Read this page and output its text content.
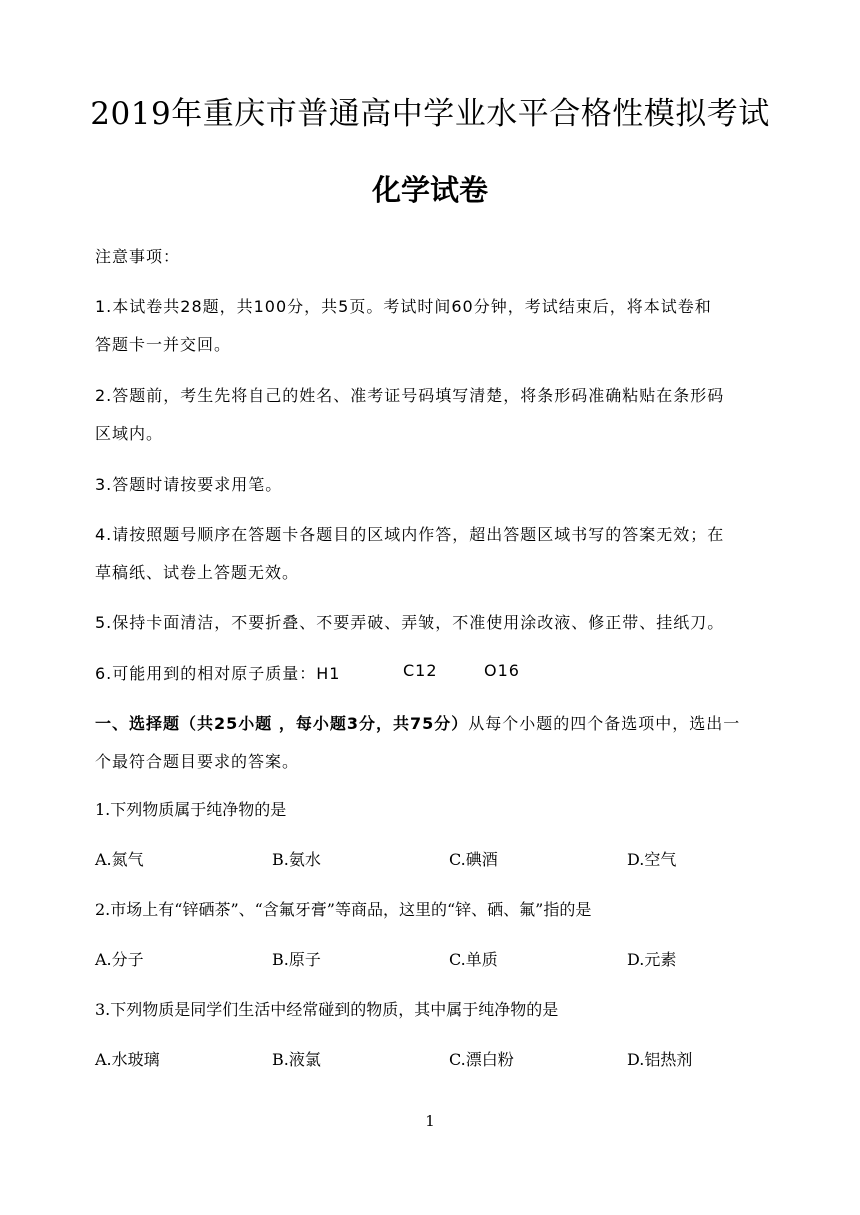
2019年重庆市普通高中学业水平合格性模拟考试
化学试卷
注意事项：
1.本试卷共28题，共100分，共5页。考试时间60分钟，考试结束后，将本试卷和
答题卡一并交回。
2.答题前，考生先将自己的姓名、准考证号码填写清楚，将条形码准确粘贴在条形码
区域内。
3.答题时请按要求用笔。
4.请按照题号顺序在答题卡各题目的区域内作答，超出答题区域书写的答案无效；在
草稿纸、试卷上答题无效。
5.保持卡面清洁，不要折叠、不要弄破、弄皱，不准使用涂改液、修正带、挂纸刀。
6.可能用到的相对原子质量：H1	C12	O16
一、选择题（共25小题 ，每小题3分，共75分）从每个小题的四个备选项中，选出一
个最符合题目要求的答案。
1.下列物质属于纯净物的是
A.氮气	B.氨水	C.碘酒	D.空气
2.市场上有“锌硒茶”、“含氟牙膏”等商品，这里的“锌、硒、氟”指的是
A.分子	B.原子	C.单质	D.元素
3.下列物质是同学们生活中经常碰到的物质，其中属于纯净物的是
A.水玻璃	B.液氯	C.漂白粉	D.铝热剂
1
